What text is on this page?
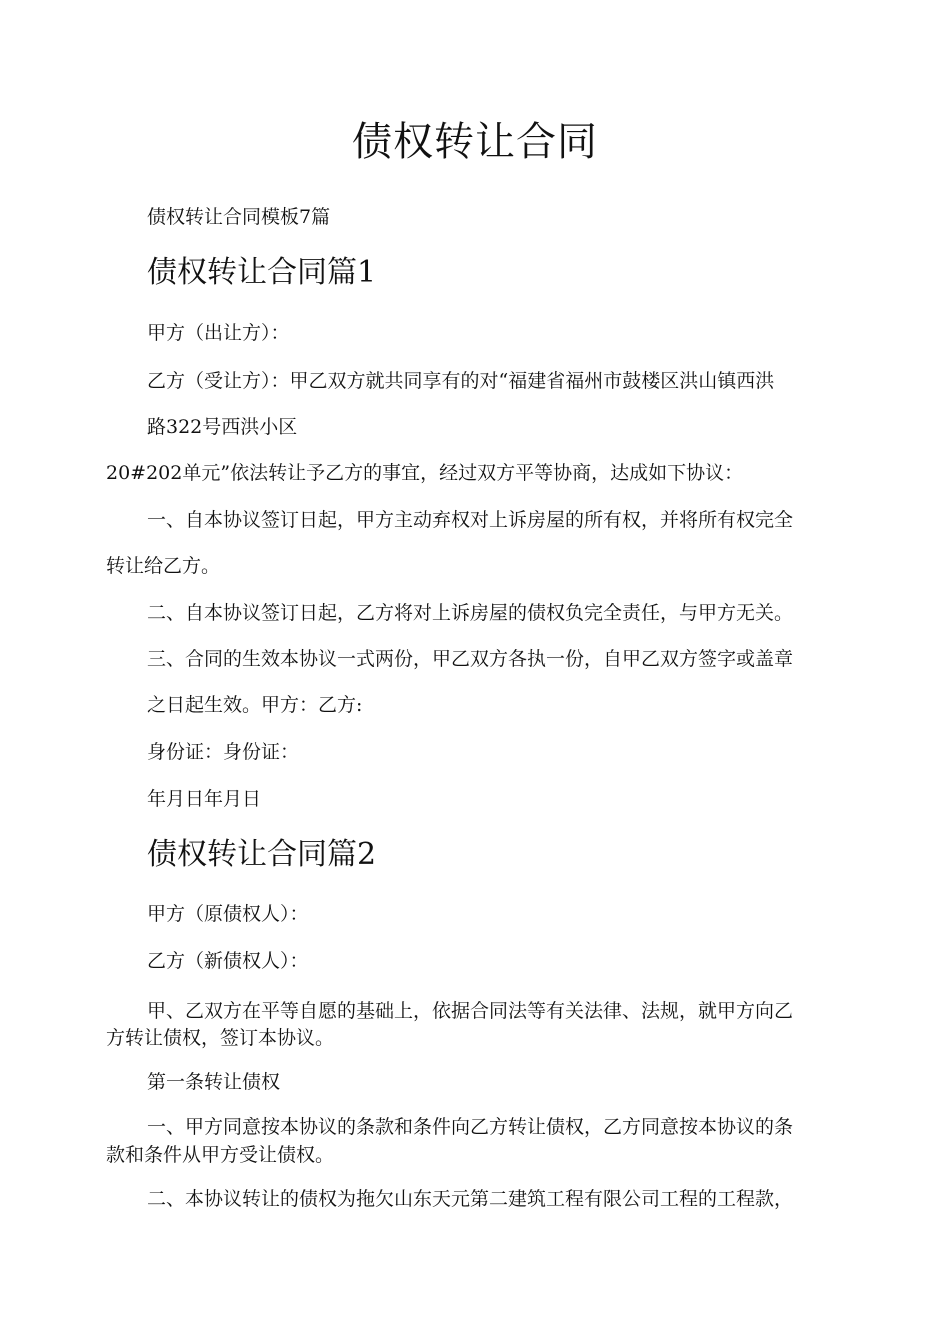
债权转让合同
债权转让合同模板7篇
债权转让合同篇1
甲方（出让方）：
乙方（受让方）：甲乙双方就共同享有的对“福建省福州市鼓楼区洪山镇西洪
路322号西洪小区
20#202单元”依法转让予乙方的事宜，经过双方平等协商，达成如下协议：
一、自本协议签订日起，甲方主动弃权对上诉房屋的所有权，并将所有权完全
转让给乙方。
二、自本协议签订日起，乙方将对上诉房屋的债权负完全责任，与甲方无关。
三、合同的生效本协议一式两份，甲乙双方各执一份，自甲乙双方签字或盖章
之日起生效。甲方：乙方:
身份证：身份证：
年月日年月日
债权转让合同篇2
甲方（原债权人）：
乙方（新债权人）：
甲、乙双方在平等自愿的基础上，依据合同法等有关法律、法规，就甲方向乙
方转让债权，签订本协议。
第一条转让债权
一、甲方同意按本协议的条款和条件向乙方转让债权，乙方同意按本协议的条
款和条件从甲方受让债权。
二、本协议转让的债权为拖欠山东天元第二建筑工程有限公司工程的工程款，
